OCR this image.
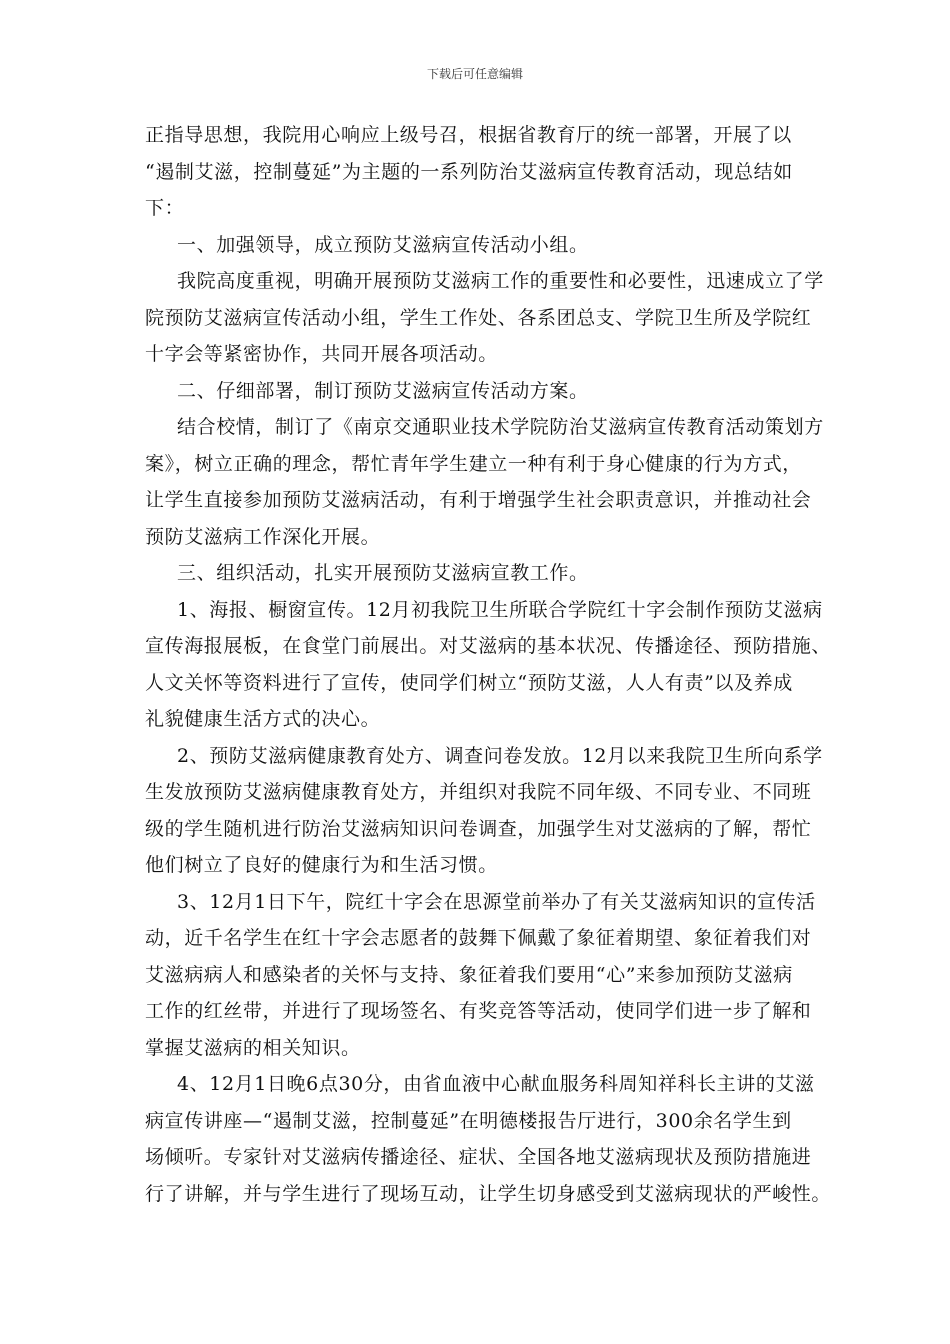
下载后可任意编辑
正指导思想，我院用心响应上级号召，根据省教育厅的统一部署，开展了以
“遏制艾滋，控制蔓延”为主题的一系列防治艾滋病宣传教育活动，现总结如
下：
一、加强领导，成立预防艾滋病宣传活动小组。
我院高度重视，明确开展预防艾滋病工作的重要性和必要性，迅速成立了学
院预防艾滋病宣传活动小组，学生工作处、各系团总支、学院卫生所及学院红
十字会等紧密协作，共同开展各项活动。
二、仔细部署，制订预防艾滋病宣传活动方案。
结合校情，制订了《南京交通职业技术学院防治艾滋病宣传教育活动策划方
案》，树立正确的理念，帮忙青年学生建立一种有利于身心健康的行为方式，
让学生直接参加预防艾滋病活动，有利于增强学生社会职责意识，并推动社会
预防艾滋病工作深化开展。
三、组织活动，扎实开展预防艾滋病宣教工作。
1、海报、橱窗宣传。12月初我院卫生所联合学院红十字会制作预防艾滋病
宣传海报展板，在食堂门前展出。对艾滋病的基本状况、传播途径、预防措施、
人文关怀等资料进行了宣传，使同学们树立“预防艾滋，人人有责”以及养成
礼貌健康生活方式的决心。
2、预防艾滋病健康教育处方、调查问卷发放。12月以来我院卫生所向系学
生发放预防艾滋病健康教育处方，并组织对我院不同年级、不同专业、不同班
级的学生随机进行防治艾滋病知识问卷调查，加强学生对艾滋病的了解，帮忙
他们树立了良好的健康行为和生活习惯。
3、12月1日下午，院红十字会在思源堂前举办了有关艾滋病知识的宣传活
动，近千名学生在红十字会志愿者的鼓舞下佩戴了象征着期望、象征着我们对
艾滋病病人和感染者的关怀与支持、象征着我们要用“心”来参加预防艾滋病
工作的红丝带，并进行了现场签名、有奖竞答等活动，使同学们进一步了解和
掌握艾滋病的相关知识。
4、12月1日晚6点30分，由省血液中心献血服务科周知祥科长主讲的艾滋
病宣传讲座—“遏制艾滋，控制蔓延”在明德楼报告厅进行，300余名学生到
场倾听。专家针对艾滋病传播途径、症状、全国各地艾滋病现状及预防措施进
行了讲解，并与学生进行了现场互动，让学生切身感受到艾滋病现状的严峻性。
